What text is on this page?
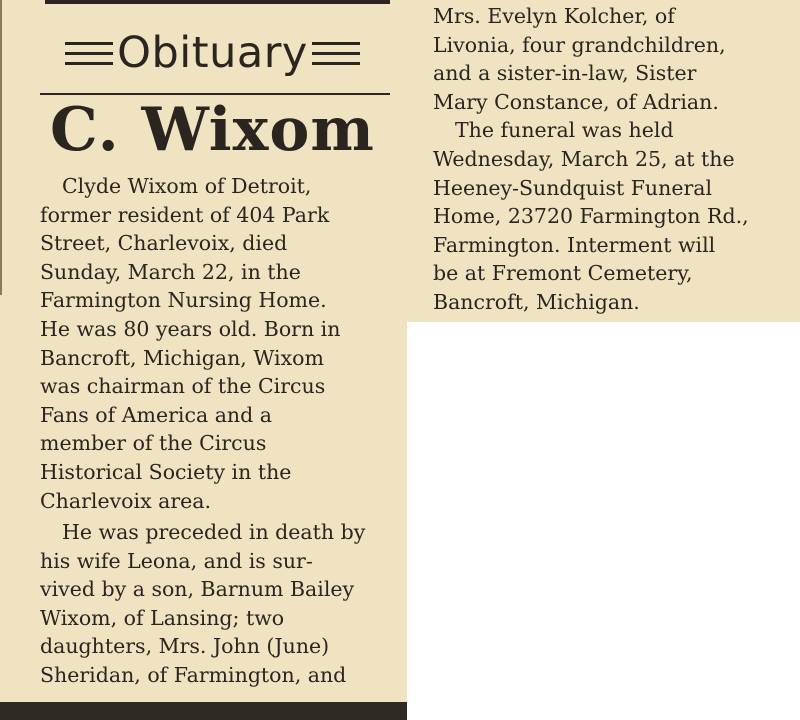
Obituary
C. Wixom
Clyde Wixom of Detroit,
former resident of 404 Park
Street, Charlevoix, died
Sunday, March 22, in the
Farmington Nursing Home.
He was 80 years old. Born in
Bancroft, Michigan, Wixom
was chairman of the Circus
Fans of America and a
member of the Circus
Historical Society in the
Charlevoix area.
He was preceded in death by
his wife Leona, and is sur-
vived by a son, Barnum Bailey
Wixom, of Lansing; two
daughters, Mrs. John (June)
Sheridan, of Farmington, and
Mrs. Evelyn Kolcher, of
Livonia, four grandchildren,
and a sister-in-law, Sister
Mary Constance, of Adrian.
The funeral was held
Wednesday, March 25, at the
Heeney-Sundquist Funeral
Home, 23720 Farmington Rd.,
Farmington. Interment will
be at Fremont Cemetery,
Bancroft, Michigan.
